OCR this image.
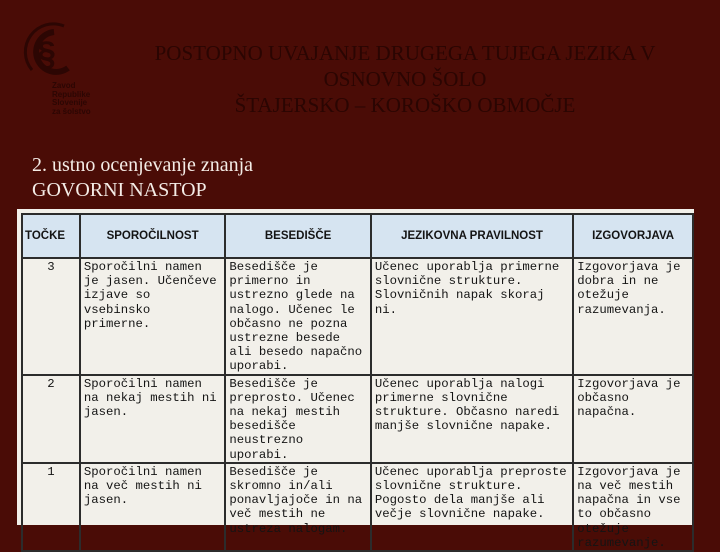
§
Zavod
Republike
Slovenije
za šolstvo
POSTOPNO UVAJANJE DRUGEGA TUJEGA JEZIKA V
OSNOVNO ŠOLO
ŠTAJERSKO – KOROŠKO OBMOČJE
2. ustno ocenjevanje znanja
GOVORNI NASTOP
TOČKE	SPOROČILNOST	BESEDIŠČE	JEZIKOVNA PRAVILNOST	IZGOVORJAVA
3	Sporočilni namen je jasen. Učenčeve izjave so vsebinsko primerne.	Besedišče je primerno in ustrezno glede na nalogo. Učenec le občasno ne pozna ustrezne besede ali besedo napačno uporabi.	Učenec uporablja primerne slovnične strukture. Slovničnih napak skoraj ni.	Izgovorjava je dobra in ne otežuje razumevanja.
2	Sporočilni namen na nekaj mestih ni jasen.	Besedišče je preprosto. Učenec na nekaj mestih besedišče neustrezno uporabi.	Učenec uporablja nalogi primerne slovnične strukture. Občasno naredi manjše slovnične napake.	Izgovorjava je občasno napačna.
1	Sporočilni namen na več mestih ni jasen.	Besedišče je skromno in/ali ponavljajoče in na več mestih ne ustreza nalogam.	Učenec uporablja preproste slovnične strukture. Pogosto dela manjše ali večje slovnične napake.	Izgovorjava je na več mestih napačna in vse to občasno otežuje razumevanje.
